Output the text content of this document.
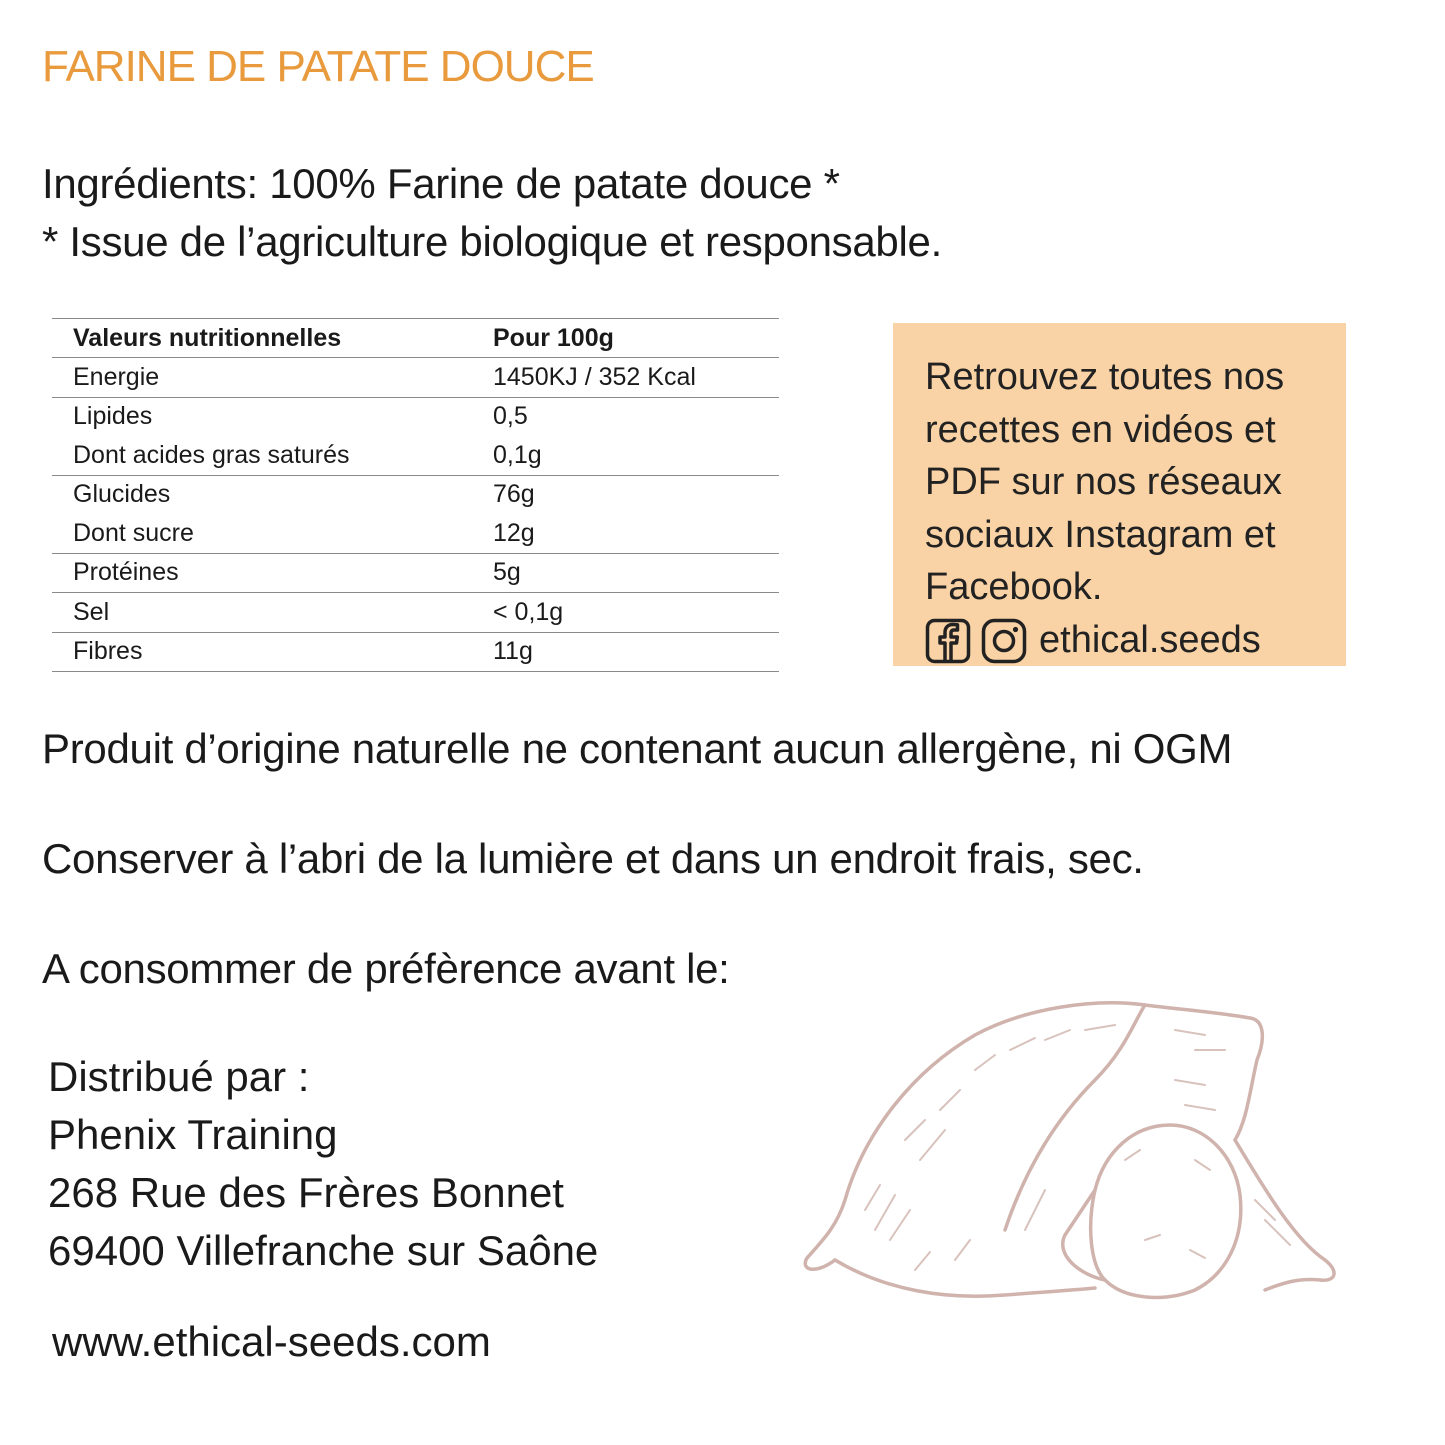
FARINE DE PATATE DOUCE
Ingrédients: 100% Farine de patate douce *
* Issue de l’agriculture biologique et responsable.
Valeurs nutritionnelles	Pour 100g
Energie	1450KJ / 352 Kcal
Lipides	0,5
Dont acides gras saturés	0,1g
Glucides	76g
Dont sucre	12g
Protéines	5g
Sel	< 0,1g
Fibres	11g
Retrouvez toutes nos
recettes en vidéos et
PDF sur nos réseaux
sociaux Instagram et
Facebook.
ethical.seeds
Produit d’origine naturelle ne contenant aucun allergène, ni OGM
Conserver à l’abri de la lumière et dans un endroit frais, sec.
A consommer de préfèrence avant le:
Distribué par :
Phenix Training
268 Rue des Frères Bonnet
69400 Villefranche sur Saône
www.ethical-seeds.com
